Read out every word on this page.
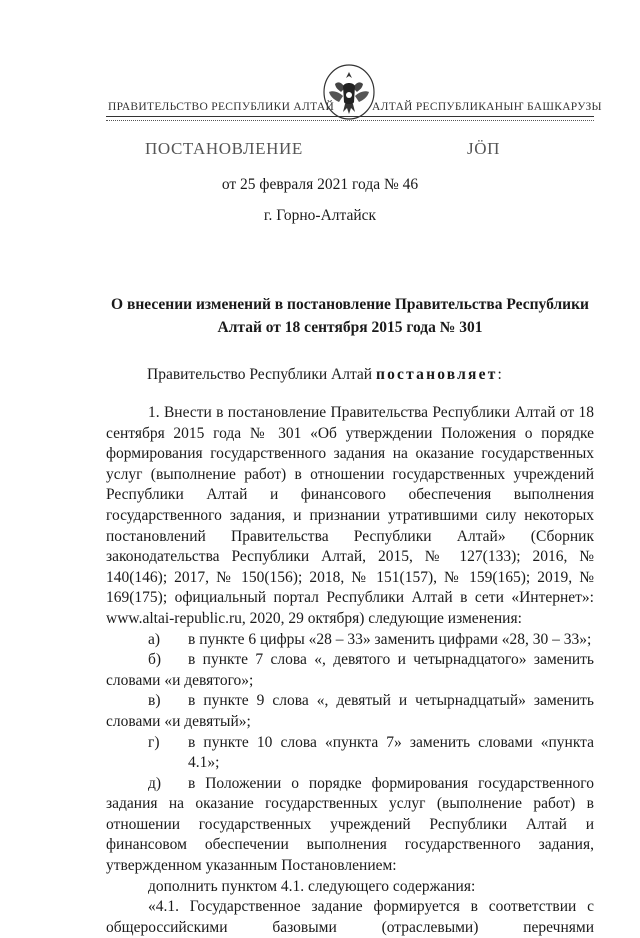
ПРАВИТЕЛЬСТВО РЕСПУБЛИКИ АЛТАЙ	АЛТАЙ РЕСПУБЛИКАНЫҤ БАШКАРУЗЫ
ПОСТАНОВЛЕНИЕ	ЈӦП
от 25 февраля 2021 года № 46
г. Горно-Алтайск
О внесении изменений в постановление Правительства Республики
Алтай от 18 сентября 2015 года № 301
Правительство Республики Алтай постановляет:

1. Внести в постановление Правительства Республики Алтай от 18 сентября 2015 года № 301 «Об утверждении Положения о порядке формирования государственного задания на оказание государственных услуг (выполнение работ) в отношении государственных учреждений Республики Алтай и финансового обеспечения выполнения государственного задания, и признании утратившими силу некоторых постановлений Правительства Республики Алтай» (Сборник законодательства Республики Алтай, 2015, № 127(133); 2016, № 140(146); 2017, № 150(156); 2018, № 151(157), № 159(165); 2019, № 169(175); официальный портал Республики Алтай в сети «Интернет»: www.altai-republic.ru, 2020, 29 октября) следующие изменения:

а)	в пункте 6 цифры «28 – 33» заменить цифрами «28, 30 – 33»;
б)	в пункте 7 слова «, девятого и четырнадцатого» заменить

словами «и девятого»;

в)	в пункте 9 слова «, девятый и четырнадцатый» заменить

словами «и девятый»;

г)	в пункте 10 слова «пункта 7» заменить словами «пункта 4.1»;
д)	в Положении о порядке формирования государственного

задания на оказание государственных услуг (выполнение работ) в отношении государственных учреждений Республики Алтай и финансовом обеспечении выполнения государственного задания, утвержденном указанным Постановлением:

дополнить пунктом 4.1. следующего содержания:

«4.1. Государственное задание формируется в соответствии с общероссийскими базовыми (отраслевыми) перечнями
